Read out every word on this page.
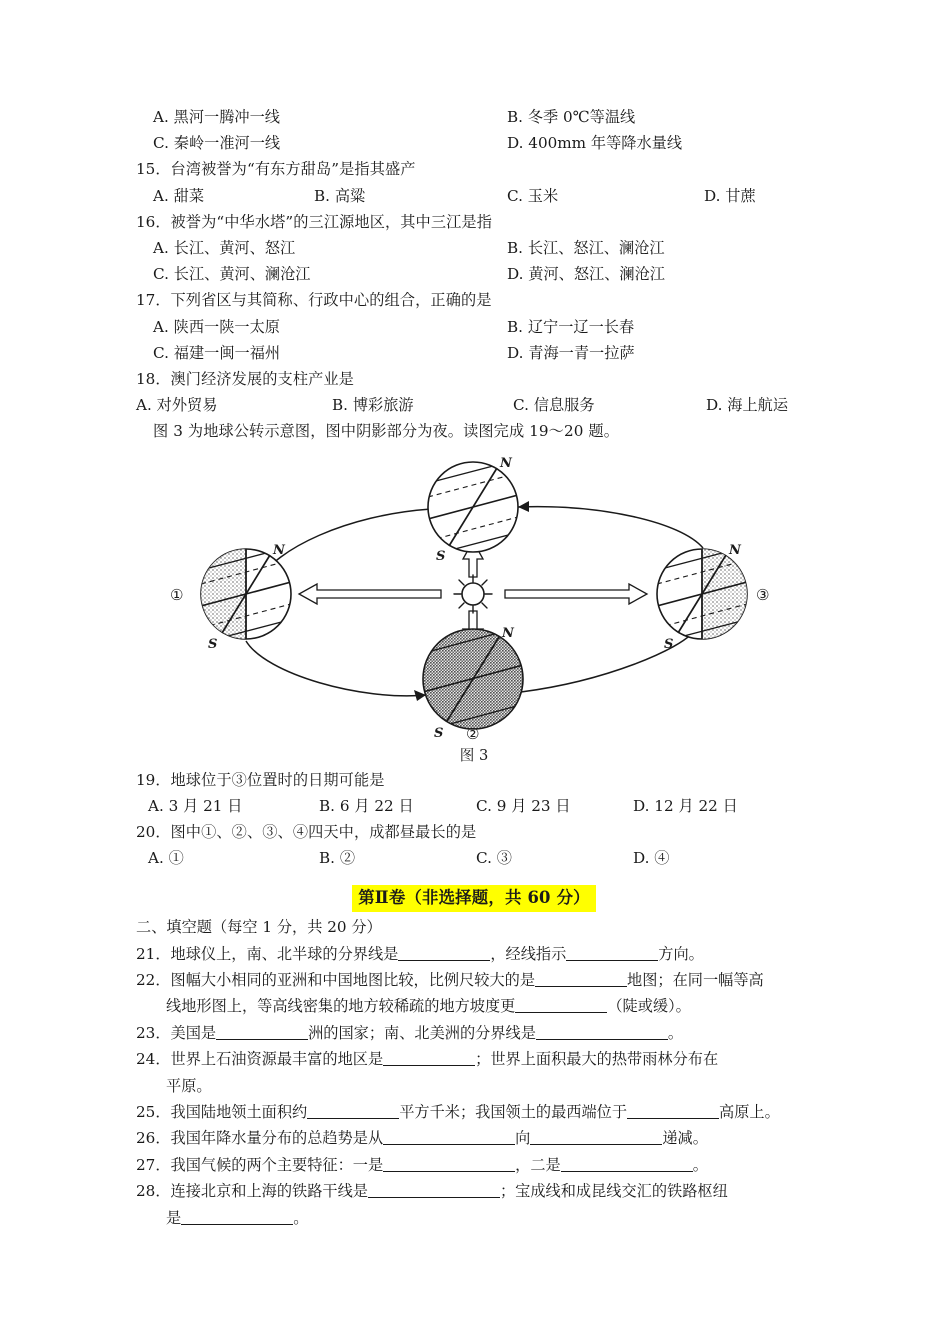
A. 黑河一腾冲一线	B. 冬季 0℃等温线
C. 秦岭一准河一线	D. 400mm 年等降水量线
15．台湾被誉为“有东方甜岛”是指其盛产
A. 甜菜	B. 高粱	C. 玉米	D. 甘蔗
16．被誉为“中华水塔”的三江源地区，其中三江是指
A. 长江、黄河、怒江	B. 长江、怒江、澜沧江
C. 长江、黄河、澜沧江	D. 黄河、怒江、澜沧江
17．下列省区与其简称、行政中心的组合，正确的是
A. 陕西一陕一太原	B. 辽宁一辽一长春
C. 福建一闽一福州	D. 青海一青一拉萨
18．澳门经济发展的支柱产业是
A. 对外贸易	B. 博彩旅游	C. 信息服务	D. 海上航运
图 3 为地球公转示意图，图中阴影部分为夜。读图完成 19～20 题。
N
S
N
S
①
N
S ②
N
S
③
图 3
19．地球位于③位置时的日期可能是
A. 3 月 21 日	B. 6 月 22 日	C. 9 月 23 日	D. 12 月 22 日
20．图中①、②、③、④四天中，成都昼最长的是
A. ①	B. ②	C. ③	D. ④
第Ⅱ卷（非选择题，共 60 分）
二、填空题（每空 1 分，共 20 分）
21．地球仪上，南、北半球的分界线是	，经线指示	方向。
22．图幅大小相同的亚洲和中国地图比较，比例尺较大的是	地图；在同一幅等高
线地形图上，等高线密集的地方较稀疏的地方坡度更	（陡或缓）。
23．美国是	洲的国家；南、北美洲的分界线是	。
24．世界上石油资源最丰富的地区是	；世界上面积最大的热带雨林分布在
平原。
25．我国陆地领土面积约	平方千米；我国领土的最西端位于	高原上。
26．我国年降水量分布的总趋势是从	向	递减。
27．我国气候的两个主要特征：一是	，二是	。
28．连接北京和上海的铁路干线是	；宝成线和成昆线交汇的铁路枢纽
是	。
